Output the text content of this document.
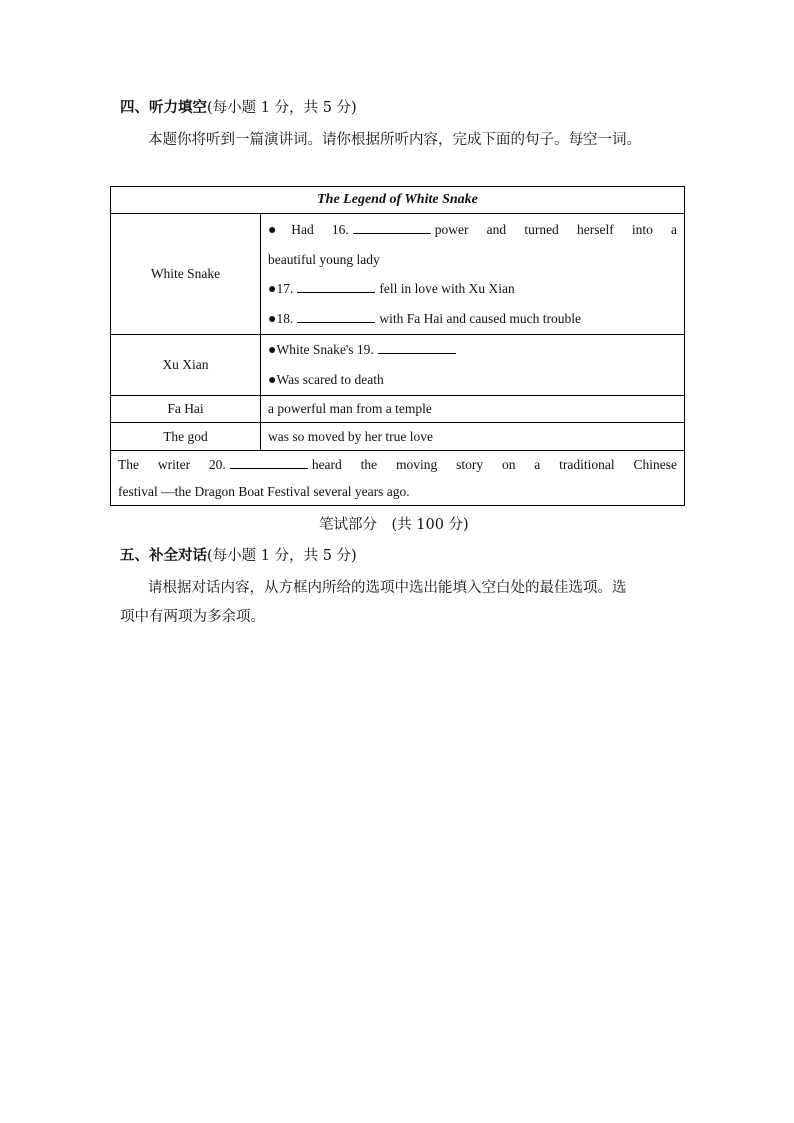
四、听力填空(每小题 1 分，共 5 分)
本题你将听到一篇演讲词。请你根据所听内容，完成下面的句子。每空一词。
The Legend of White Snake	
White Snake	●Had 16. power and turned herself into a
beautiful young lady
●17. fell in love with Xu Xian
●18. with Fa Hai and caused much trouble

Xu Xian	●White Snake's 19.
●Was scared to death

Fa Hai	a powerful man from a temple
The god	was so moved by her true love

The writer 20. heard the moving story on a traditional Chinese
festival —the Dragon Boat Festival several years ago.	
笔试部分　(共 100 分)
五、补全对话(每小题 1 分，共 5 分)
请根据对话内容，从方框内所给的选项中选出能填入空白处的最佳选项。选
项中有两项为多余项。
